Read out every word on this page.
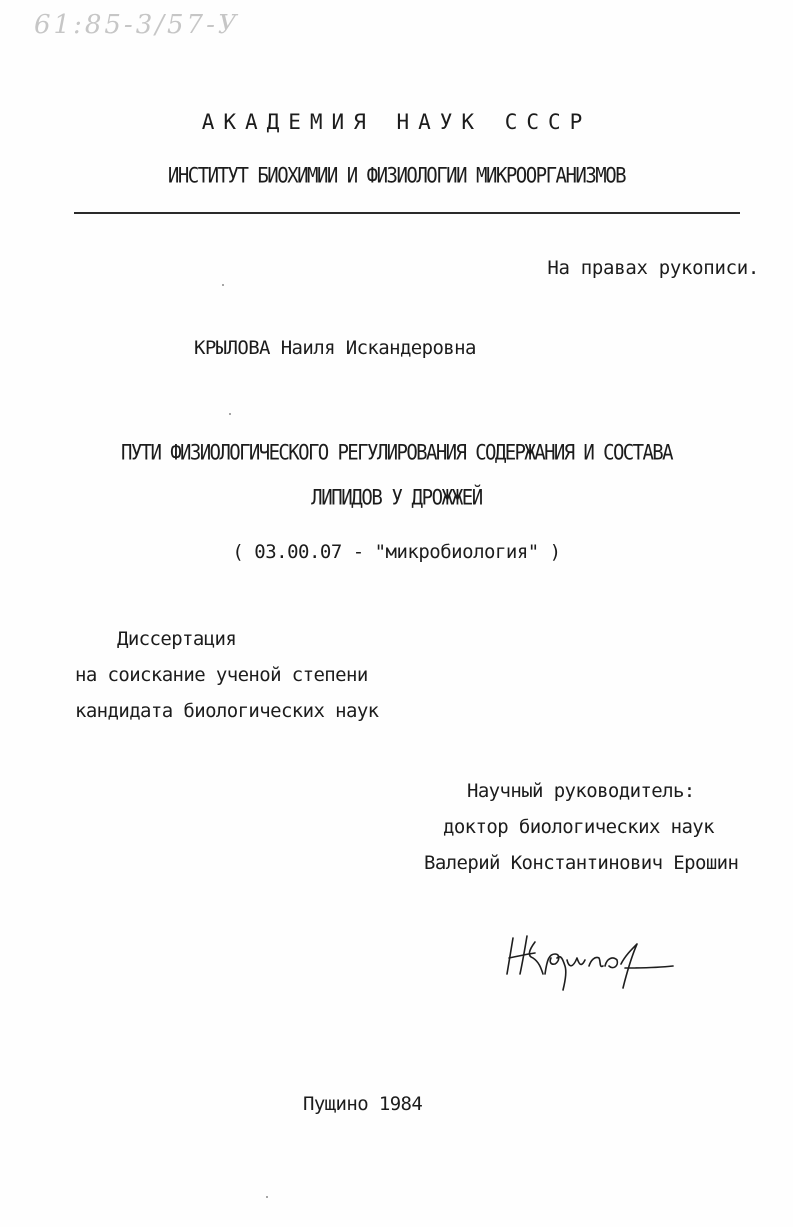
61:85-3/57-У
АКАДЕМИЯ НАУК СССР
ИНСТИТУТ БИОХИМИИ И ФИЗИОЛОГИИ МИКРООРГАНИЗМОВ
На правах рукописи.
КРЫЛОВА Наиля Искандеровна
ПУТИ ФИЗИОЛОГИЧЕСКОГО РЕГУЛИРОВАНИЯ СОДЕРЖАНИЯ И СОСТАВА
ЛИПИДОВ У ДРОЖЖЕЙ
( 03.00.07 - "микробиология" )
Диссертация
на соискание ученой степени
кандидата биологических наук
Научный руководитель:
доктор биологических наук
Валерий Константинович Ерошин
Пущино 1984
